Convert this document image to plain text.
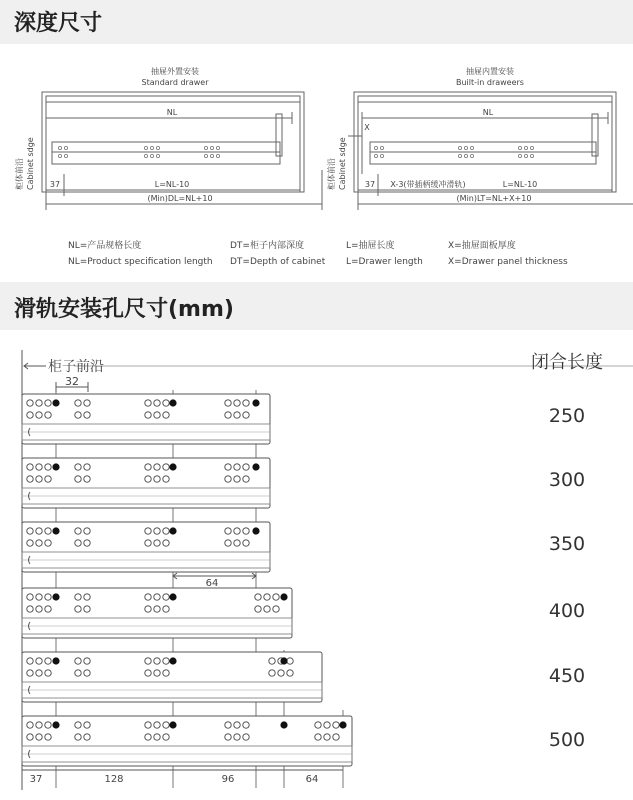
深度尺寸
抽屉外置安装
Standard drawer
NL
37	L=NL-10
(Min)DL=NL+10
抽屉内置安装
Built-in draweers
NL
X
37 X-3(带插柄缓冲滑轨)	L=NL-10
(Min)LT=NL+X+10
柜体前沿 Cabinet sdge	柜体前沿 Cabinet sdge
NL=产品规格长度
NL=Product specification length
DT=柜子内部深度
DT=Depth of cabinet
L=抽屉长度
L=Drawer length
X=抽屉面板厚度
X=Drawer panel thickness
滑轨安装孔尺寸(mm)
柜子前沿
32
闭合长度
64
37	128	96	64
250
300
350
400
450
500
